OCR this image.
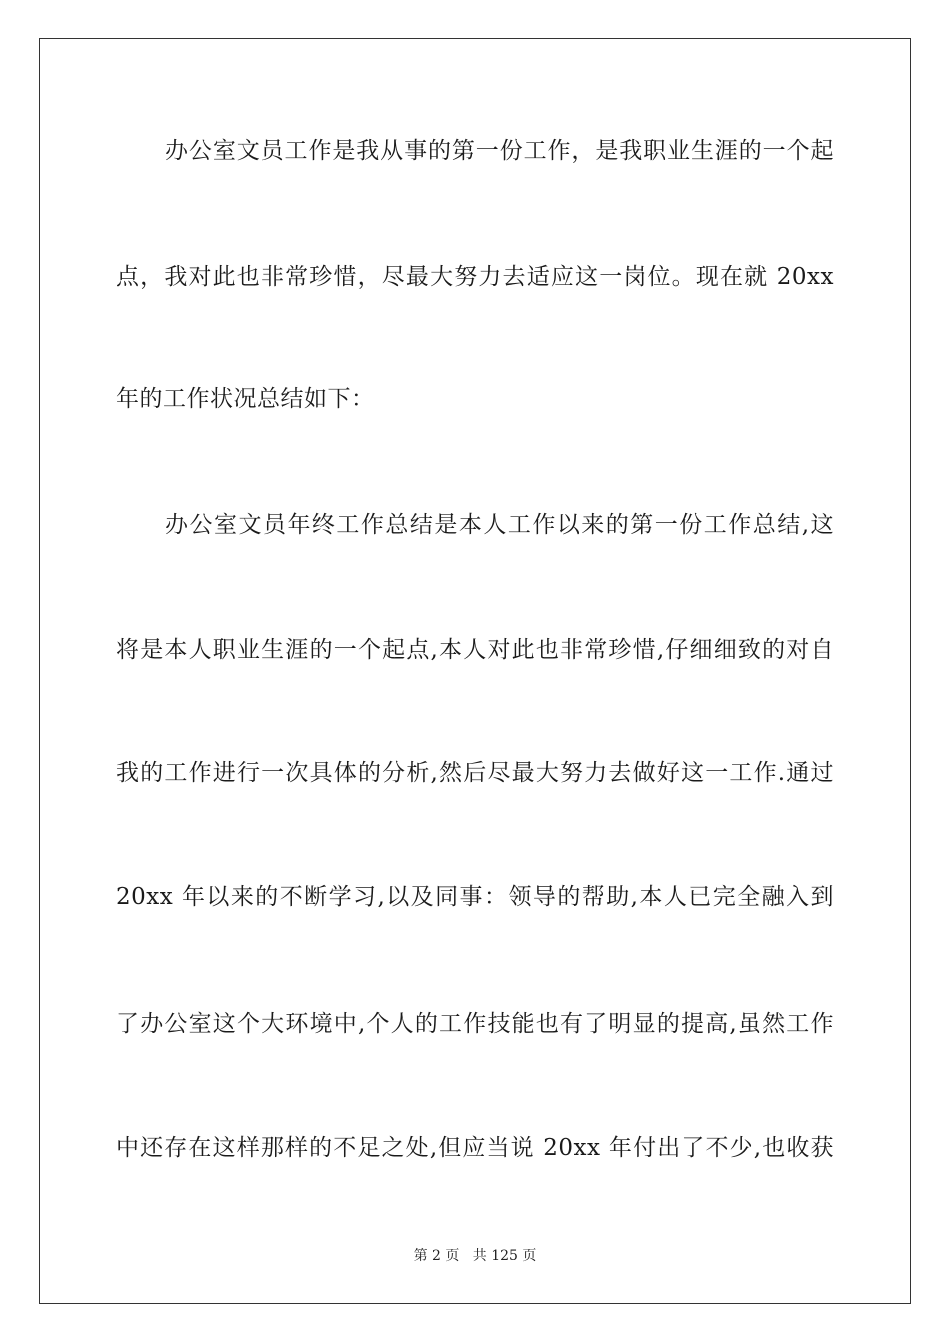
办公室文员工作是我从事的第一份工作，是我职业生涯的一个起
点，我对此也非常珍惜，尽最大努力去适应这一岗位。现在就 20xx
年的工作状况总结如下：
办公室文员年终工作总结是本人工作以来的第一份工作总结,这
将是本人职业生涯的一个起点,本人对此也非常珍惜,仔细细致的对自
我的工作进行一次具体的分析,然后尽最大努力去做好这一工作.通过
20xx 年以来的不断学习,以及同事：领导的帮助,本人已完全融入到
了办公室这个大环境中,个人的工作技能也有了明显的提高,虽然工作
中还存在这样那样的不足之处,但应当说 20xx 年付出了不少,也收获
第 2 页 共 125 页
